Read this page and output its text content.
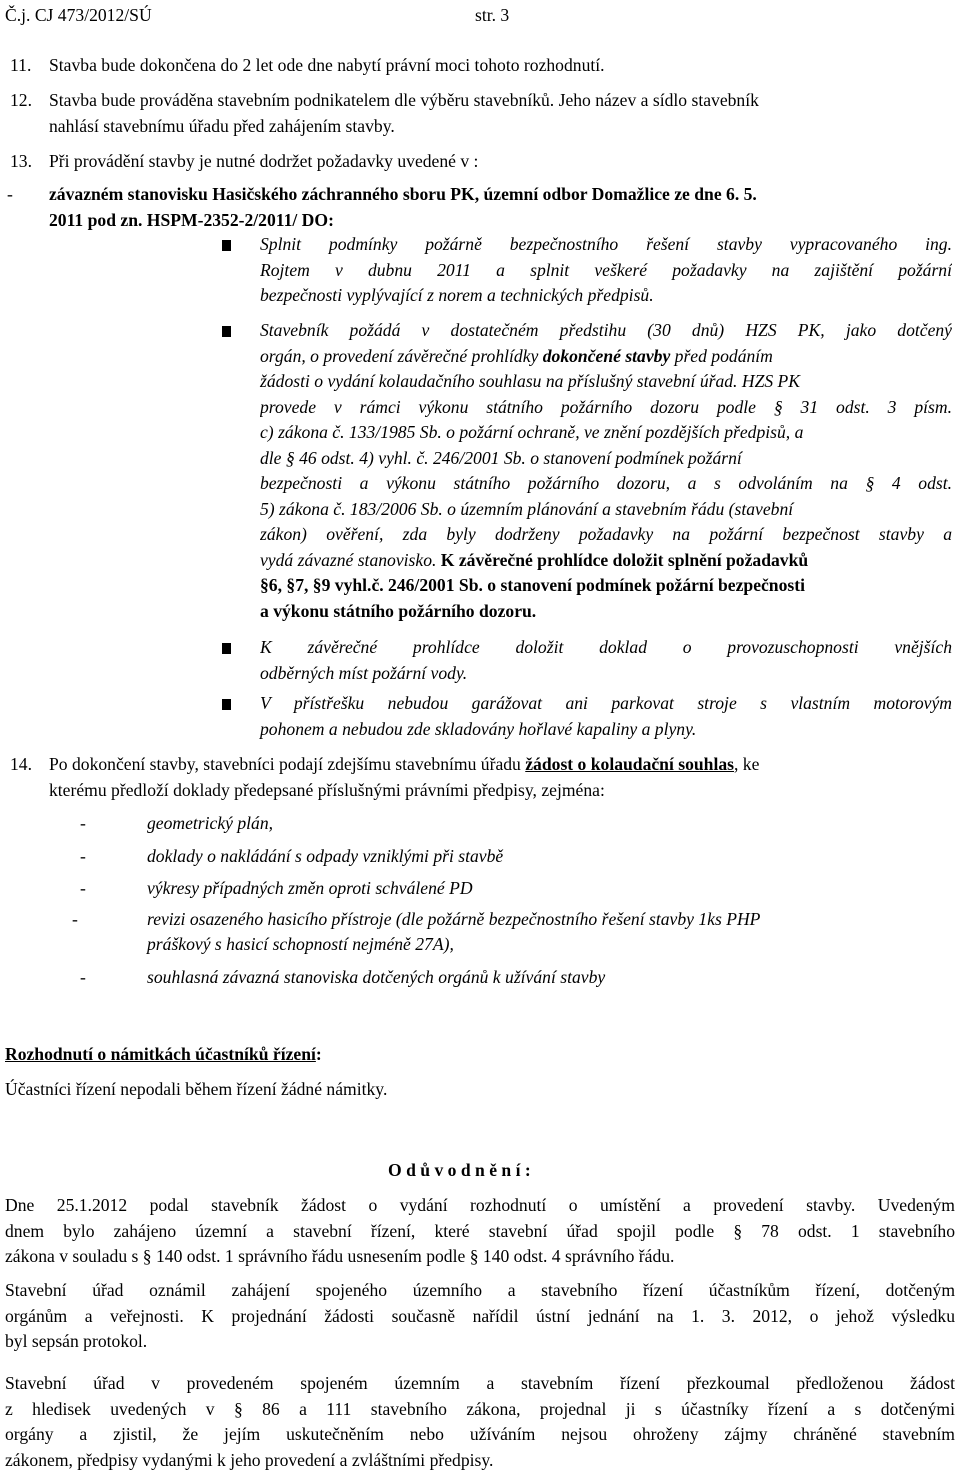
Č.j. CJ 473/2012/SÚ	str. 3
11. Stavba bude dokončena do 2 let ode dne nabytí právní moci tohoto rozhodnutí.
12. Stavba bude prováděna stavebním podnikatelem dle výběru stavebníků. Jeho název a sídlo stavebník
nahlásí stavebnímu úřadu před zahájením stavby.
13. Při provádění stavby je nutné dodržet požadavky uvedené v :
- závazném stanovisku Hasičského záchranného sboru PK, územní odbor Domažlice ze dne 6. 5.
2011 pod zn. HSPM-2352-2/2011/ DO:
Splnit podmínky požárně bezpečnostního řešení stavby vypracovaného ing.
Rojtem v dubnu 2011 a splnit veškeré požadavky na zajištění požární
bezpečnosti vyplývající z norem a technických předpisů.
Stavebník požádá v dostatečném předstihu (30 dnů) HZS PK, jako dotčený
orgán, o provedení závěrečné prohlídky dokončené stavby před podáním
žádosti o vydání kolaudačního souhlasu na příslušný stavební úřad. HZS PK
provede v rámci výkonu státního požárního dozoru podle § 31 odst. 3 písm.
c) zákona č. 133/1985 Sb. o požární ochraně, ve znění pozdějších předpisů, a
dle § 46 odst. 4) vyhl. č. 246/2001 Sb. o stanovení podmínek požární
bezpečnosti a výkonu státního požárního dozoru, a s odvoláním na § 4 odst.
5) zákona č. 183/2006 Sb. o územním plánování a stavebním řádu (stavební
zákon) ověření, zda byly dodrženy požadavky na požární bezpečnost stavby a
vydá závazné stanovisko. K závěrečné prohlídce doložit splnění požadavků
§6, §7, §9 vyhl.č. 246/2001 Sb. o stanovení podmínek požární bezpečnosti
a výkonu státního požárního dozoru.
K závěrečné prohlídce doložit doklad o provozuschopnosti vnějších
odběrných míst požární vody.
V přístřešku nebudou garážovat ani parkovat stroje s vlastním motorovým
pohonem a nebudou zde skladovány hořlavé kapaliny a plyny.
14. Po dokončení stavby, stavebníci podají zdejšímu stavebnímu úřadu žádost o kolaudační souhlas, ke
kterému předloží doklady předepsané příslušnými právními předpisy, zejména:
-	geometrický plán,
-	doklady o nakládání s odpady vzniklými při stavbě
-	výkresy případných změn oproti schválené PD
-	revizi osazeného hasicího přístroje (dle požárně bezpečnostního řešení stavby 1ks PHP
práškový s hasicí schopností nejméně 27A),
-	souhlasná závazná stanoviska dotčených orgánů k užívání stavby
Rozhodnutí o námitkách účastníků řízení:
Účastníci řízení nepodali během řízení žádné námitky.
O d ů v o d n ě n í :
Dne 25.1.2012 podal stavebník žádost o vydání rozhodnutí o umístění a provedení stavby. Uvedeným
dnem bylo zahájeno územní a stavební řízení, které stavební úřad spojil podle § 78 odst. 1 stavebního
zákona v souladu s § 140 odst. 1 správního řádu usnesením podle § 140 odst. 4 správního řádu.
Stavební úřad oznámil zahájení spojeného územního a stavebního řízení účastníkům řízení, dotčeným
orgánům a veřejnosti. K projednání žádosti současně nařídil ústní jednání na 1. 3. 2012, o jehož výsledku
byl sepsán protokol.
Stavební úřad v provedeném spojeném územním a stavebním řízení přezkoumal předloženou žádost
z hledisek uvedených v § 86 a 111 stavebního zákona, projednal ji s účastníky řízení a s dotčenými
orgány a zjistil, že jejím uskutečněním nebo užíváním nejsou ohroženy zájmy chráněné stavebním
zákonem, předpisy vydanými k jeho provedení a zvláštními předpisy.
